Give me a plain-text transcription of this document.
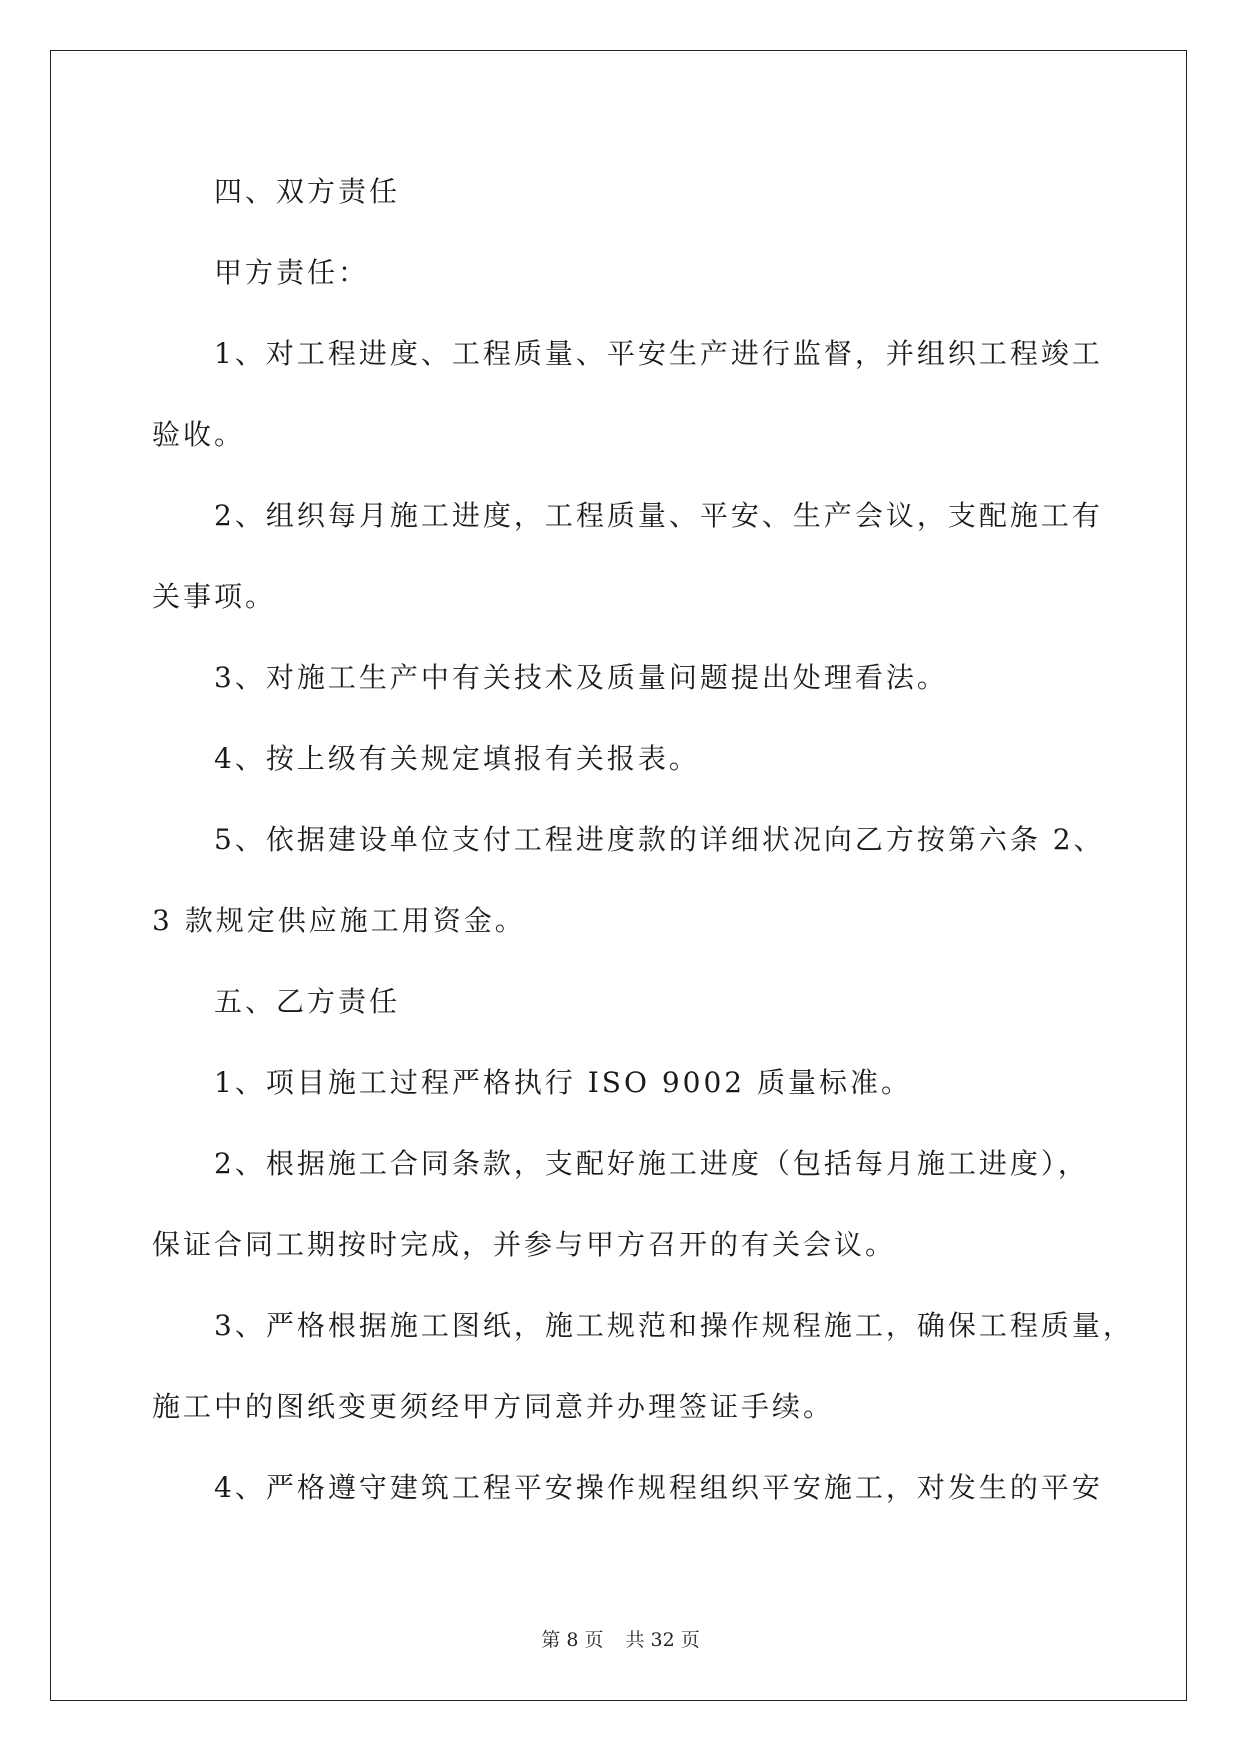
四、双方责任
甲方责任：
1、对工程进度、工程质量、平安生产进行监督，并组织工程竣工
验收。
2、组织每月施工进度，工程质量、平安、生产会议，支配施工有
关事项。
3、对施工生产中有关技术及质量问题提出处理看法。
4、按上级有关规定填报有关报表。
5、依据建设单位支付工程进度款的详细状况向乙方按第六条 2、
3 款规定供应施工用资金。
五、乙方责任
1、项目施工过程严格执行 ISO 9002 质量标准。
2、根据施工合同条款，支配好施工进度（包括每月施工进度），
保证合同工期按时完成，并参与甲方召开的有关会议。
3、严格根据施工图纸，施工规范和操作规程施工，确保工程质量，
施工中的图纸变更须经甲方同意并办理签证手续。
4、严格遵守建筑工程平安操作规程组织平安施工，对发生的平安
第 8 页 共 32 页
